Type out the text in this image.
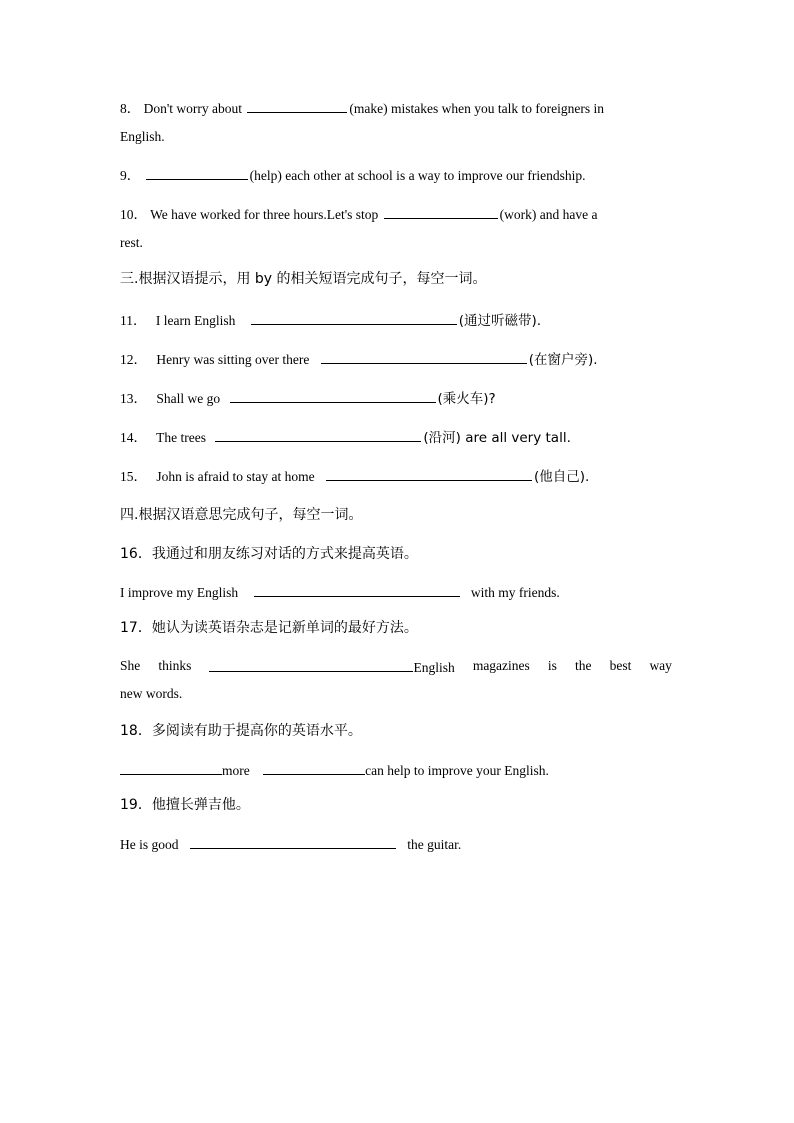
8． Don't worry about	(make) mistakes when you talk to foreigners in
English.
9．	(help) each other at school is a way to improve our friendship.
10． We have worked for three hours.Let's stop	(work) and have a
rest.
三.根据汉语提示，用 by 的相关短语完成句子，每空一词。
11． I learn English	(通过听磁带).
12． Henry was sitting over there	(在窗户旁).
13． Shall we go	(乘火车)?
14． The trees	(沿河) are all very tall.
15． John is afraid to stay at home	(他自己).
四.根据汉语意思完成句子，每空一词。
16．我通过和朋友练习对话的方式来提高英语。
I improve my English	with my friends.
17．她认为读英语杂志是记新单词的最好方法。
She thinks	English magazines is the best way
new words.
18．多阅读有助于提高你的英语水平。
more	can help to improve your English.
19．他擅长弹吉他。
He is good	the guitar.
